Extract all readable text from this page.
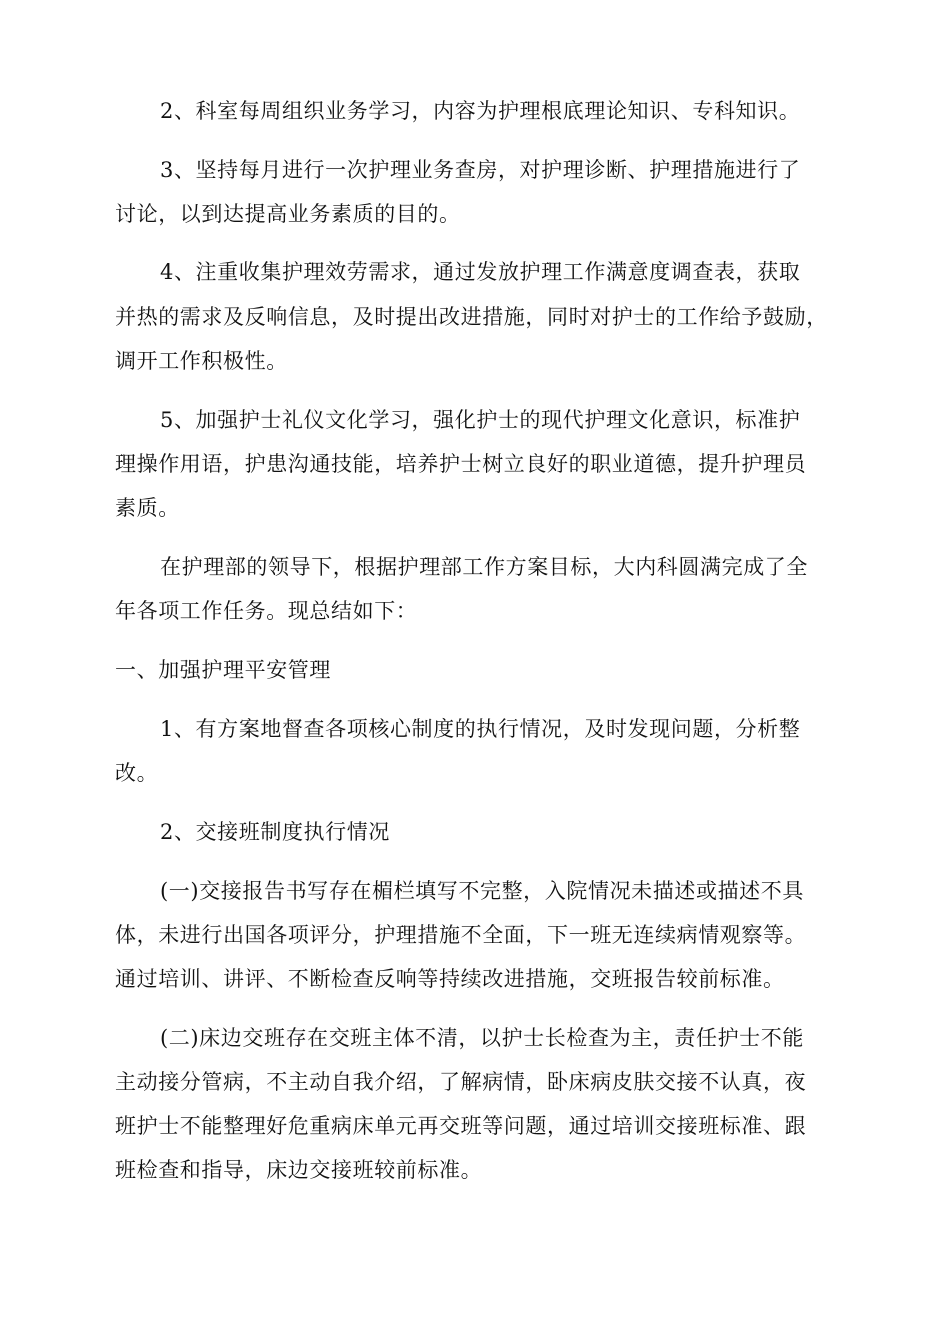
2、科室每周组织业务学习，内容为护理根底理论知识、专科知识。
3、坚持每月进行一次护理业务查房，对护理诊断、护理措施进行了
讨论，以到达提高业务素质的目的。
4、注重收集护理效劳需求，通过发放护理工作满意度调查表，获取
并热的需求及反响信息，及时提出改进措施，同时对护士的工作给予鼓励，
调开工作积极性。
5、加强护士礼仪文化学习，强化护士的现代护理文化意识，标准护
理操作用语，护患沟通技能，培养护士树立良好的职业道德，提升护理员
素质。
在护理部的领导下，根据护理部工作方案目标，大内科圆满完成了全
年各项工作任务。现总结如下：
一、加强护理平安管理
1、有方案地督查各项核心制度的执行情况，及时发现问题，分析整
改。
2、交接班制度执行情况
(一)交接报告书写存在楣栏填写不完整，入院情况未描述或描述不具
体，未进行出国各项评分，护理措施不全面，下一班无连续病情观察等。
通过培训、讲评、不断检查反响等持续改进措施，交班报告较前标准。
(二)床边交班存在交班主体不清，以护士长检查为主，责任护士不能
主动接分管病，不主动自我介绍，了解病情，卧床病皮肤交接不认真，夜
班护士不能整理好危重病床单元再交班等问题，通过培训交接班标准、跟
班检查和指导，床边交接班较前标准。
